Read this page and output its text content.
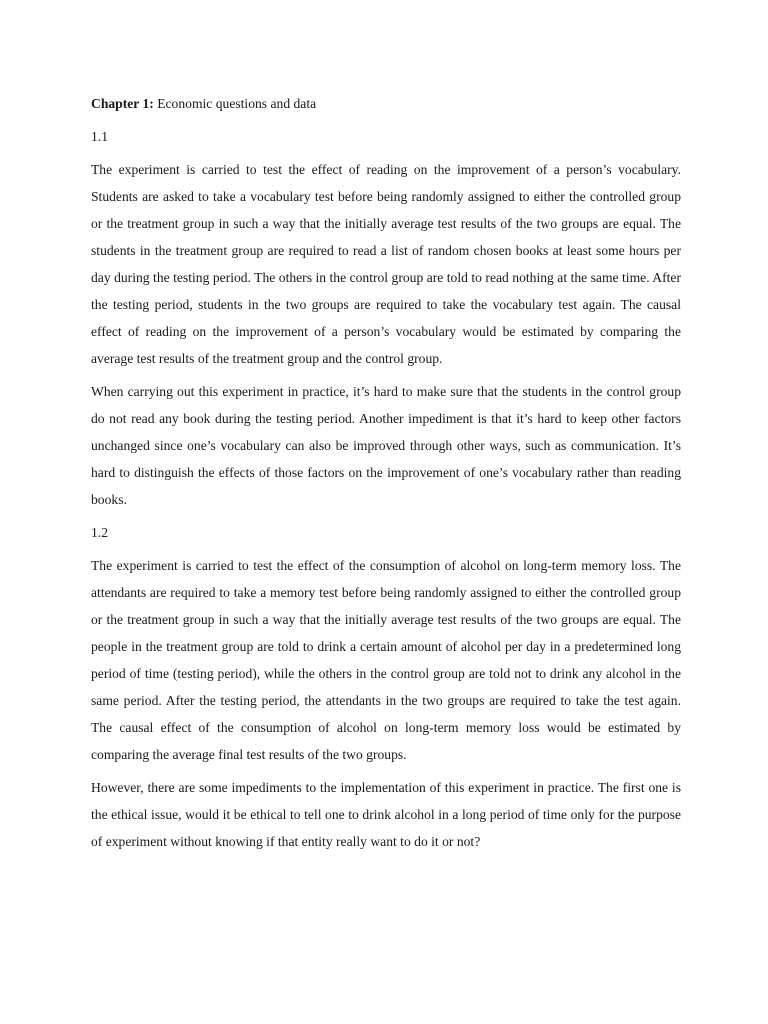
Chapter 1: Economic questions and data

1.1

The experiment is carried to test the effect of reading on the improvement of a person’s vocabulary. Students are asked to take a vocabulary test before being randomly assigned to either the controlled group or the treatment group in such a way that the initially average test results of the two groups are equal. The students in the treatment group are required to read a list of random chosen books at least some hours per day during the testing period. The others in the control group are told to read nothing at the same time. After the testing period, students in the two groups are required to take the vocabulary test again. The causal effect of reading on the improvement of a person’s vocabulary would be estimated by comparing the average test results of the treatment group and the control group.

When carrying out this experiment in practice, it’s hard to make sure that the students in the control group do not read any book during the testing period. Another impediment is that it’s hard to keep other factors unchanged since one’s vocabulary can also be improved through other ways, such as communication. It’s hard to distinguish the effects of those factors on the improvement of one’s vocabulary rather than reading books.

1.2

The experiment is carried to test the effect of the consumption of alcohol on long-term memory loss. The attendants are required to take a memory test before being randomly assigned to either the controlled group or the treatment group in such a way that the initially average test results of the two groups are equal. The people in the treatment group are told to drink a certain amount of alcohol per day in a predetermined long period of time (testing period), while the others in the control group are told not to drink any alcohol in the same period. After the testing period, the attendants in the two groups are required to take the test again. The causal effect of the consumption of alcohol on long-term memory loss would be estimated by comparing the average final test results of the two groups.

However, there are some impediments to the implementation of this experiment in practice. The first one is the ethical issue, would it be ethical to tell one to drink alcohol in a long period of time only for the purpose of experiment without knowing if that entity really want to do it or not?
